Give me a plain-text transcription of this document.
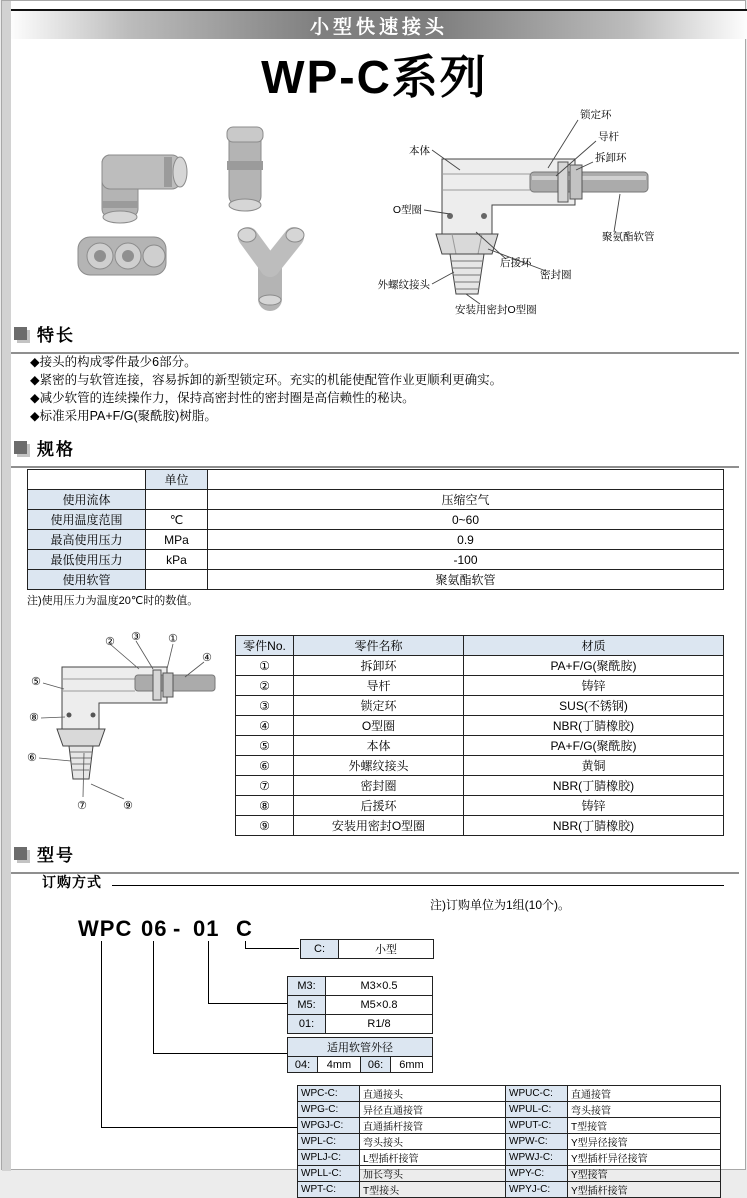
小型快速接头
WP-C系列
本体
锁定环
导杆
拆卸环
O型圈
聚氨酯软管
外螺纹接头
后援环
密封圈
安装用密封O型圈
特长
◆接头的构成零件最少6部分。
◆紧密的与软管连接，容易拆卸的新型锁定环。充实的机能使配管作业更顺利更确实。
◆减少软管的连续操作力，保持高密封性的密封圈是高信赖性的秘诀。
◆标准采用PA+F/G(聚酰胺)树脂。
规格
	单位	
使用流体		压缩空气
使用温度范围	℃	0~60
最高使用压力	MPa	0.9
最低使用压力	kPa	-100
使用软管		聚氨酯软管
注)使用压力为温度20℃时的数值。
② ③ ①
④
⑤
⑧
⑥
⑦	⑨
零件No.	零件名称	材质
①	拆卸环	PA+F/G(聚酰胺)
②	导杆	铸锌
③	锁定环	SUS(不锈钢)
④	O型圈	NBR(丁腈橡胶)
⑤	本体	PA+F/G(聚酰胺)
⑥	外螺纹接头	黄铜
⑦	密封圈	NBR(丁腈橡胶)
⑧	后援环	铸锌
⑨	安装用密封O型圈	NBR(丁腈橡胶)
型号
订购方式
注)订购单位为1组(10个)。
WPC 06 - 01 C
C:	小型
M3:	M3×0.5
M5:	M5×0.8
01:	R1/8
适用软管外径
04:	4mm	06:	6mm
WPC-C:	直通接头	WPUC-C:	直通接管
WPG-C:	异径直通接管	WPUL-C:	弯头接管
WPGJ-C:	直通插杆接管	WPUT-C:	T型接管
WPL-C:	弯头接头	WPW-C:	Y型异径接管
WPLJ-C:	L型插杆接管	WPWJ-C:	Y型插杆异径接管
WPLL-C:	加长弯头	WPY-C:	Y型接管
WPT-C:	T型接头	WPYJ-C:	Y型插杆接管
